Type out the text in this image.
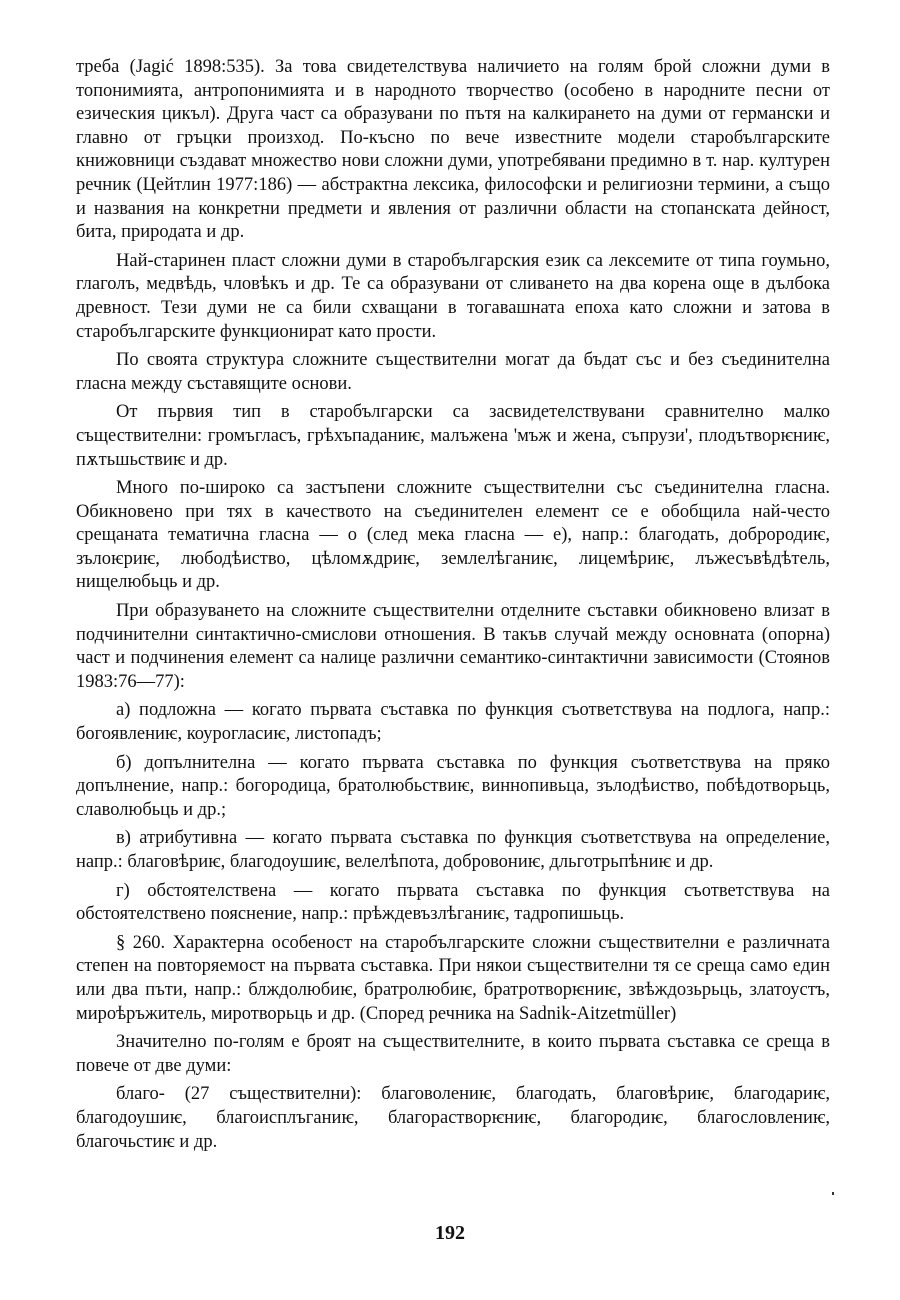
треба (Jagić 1898:535). За това свидетелствува наличието на голям брой сложни думи в топонимията, антропонимията и в народното творчество (особено в народните песни от езическия цикъл). Друга част са образувани по пътя на калкирането на думи от германски и главно от гръцки произход. По-късно по вече известните модели старобългарските книжовници създават множество нови сложни думи, употребявани предимно в т. нар. културен речник (Цейтлин 1977:186) — абстрактна лексика, философски и религиозни термини, а също и названия на конкретни предмети и явления от различни области на стопанската дейност, бита, природата и др.

Най-старинен пласт сложни думи в старобългарския език са лексемите от типа гоумьно, глаголъ, медвѣдь, чловѣкъ и др. Те са образувани от сливането на два корена още в дълбока древност. Тези думи не са били схващани в тогавашната епоха като сложни и затова в старобългарските функционират като прости.

По своята структура сложните съществителни могат да бъдат със и без съединителна гласна между съставящите основи.

От първия тип в старобългарски са засвидетелствувани сравнително малко съществителни: громъгласъ, грѣхъпаданиѥ, малъжена 'мъж и жена, съпрузи', плодътворѥниѥ, пѫтьшьствиѥ и др.

Много по-широко са застъпени сложните съществителни със съединителна гласна. Обикновено при тях в качеството на съединителен елемент се е обобщила най-често срещаната тематична гласна — о (след мека гласна — е), напр.: благодать, доброродиѥ, зълоѥриѥ, любодѣиство, цѣломѫдриѥ, землелѣганиѥ, лицемѣриѥ, лъжесъвѣдѣтель, нищелюбьць и др.

При образуването на сложните съществителни отделните съставки обикновено влизат в подчинителни синтактично-смислови отношения. В такъв случай между основната (опорна) част и подчинения елемент са налице различни семантико-синтактични зависимости (Стоянов 1983:76—77):

а) подложна — когато първата съставка по функция съответствува на подлога, напр.: богоявлениѥ, коурогласиѥ, листопадъ;

б) допълнителна — когато първата съставка по функция съответствува на пряко допълнение, напр.: богородица, братолюбьствиѥ, виннопивьца, зълодѣиство, побѣдотворьць, славолюбьць и др.;

в) атрибутивна — когато първата съставка по функция съответствува на определение, напр.: благовѣриѥ, благодоушиѥ, велелѣпота, добровониѥ, дльготрьпѣниѥ и др.

г) обстоятелствена — когато първата съставка по функция съответствува на обстоятелствено пояснение, напр.: прѣждевъзлѣганиѥ, тадропишьць.

§ 260. Характерна особеност на старобългарските сложни съществителни е различната степен на повторяемост на първата съставка. При някои съществителни тя се среща само един или два пъти, напр.: блждолюбиѥ, братролюбиѥ, братротворѥниѥ, звѣждозьрьць, златоустъ, мироѣръжитель, миротворьць и др. (Според речника на Sadnik-Aitzetmüller)

Значително по-голям е броят на съществителните, в които първата съставка се среща в повече от две думи:

благо- (27 съществителни): благоволениѥ, благодать, благовѣриѥ, благодариѥ, благодоушиѥ, благоисплъганиѥ, благорастворѥниѥ, благородиѥ, благословлениѥ, благочьстиѥ и др.

192
